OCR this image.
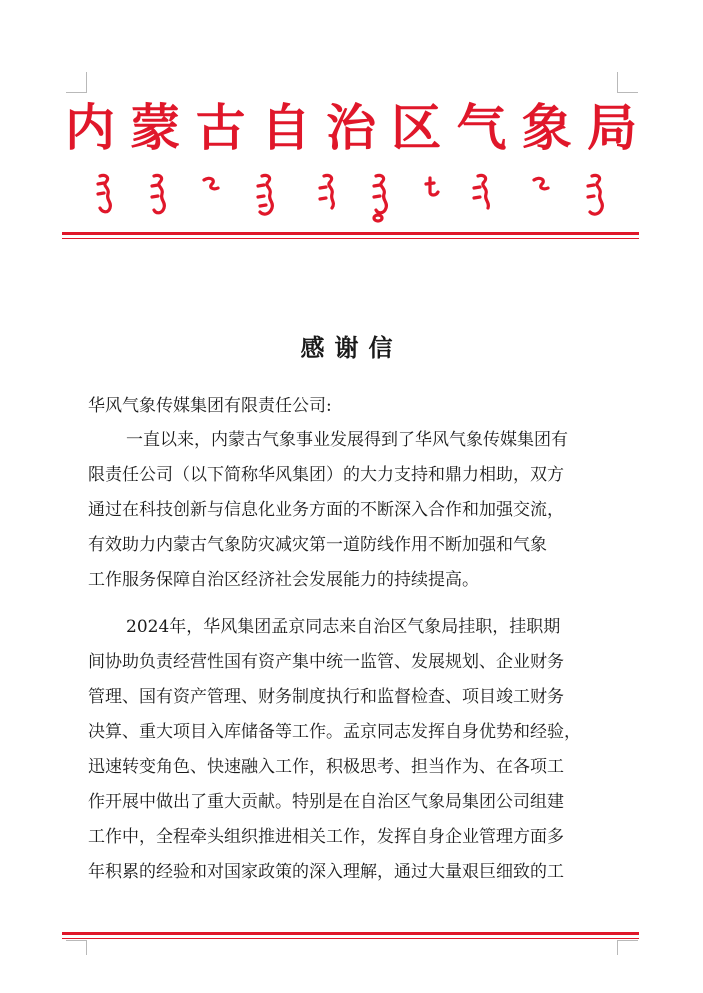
内 蒙 古 自 治 区 气 象 局
感谢信
华风气象传媒集团有限责任公司:
一直以来，内蒙古气象事业发展得到了华风气象传媒集团有
限责任公司（以下简称华风集团）的大力支持和鼎力相助，双方
通过在科技创新与信息化业务方面的不断深入合作和加强交流，
有效助力内蒙古气象防灾减灾第一道防线作用不断加强和气象
工作服务保障自治区经济社会发展能力的持续提高。
2024年，华风集团孟京同志来自治区气象局挂职，挂职期
间协助负责经营性国有资产集中统一监管、发展规划、企业财务
管理、国有资产管理、财务制度执行和监督检查、项目竣工财务
决算、重大项目入库储备等工作。孟京同志发挥自身优势和经验，
迅速转变角色、快速融入工作，积极思考、担当作为、在各项工
作开展中做出了重大贡献。特别是在自治区气象局集团公司组建
工作中，全程牵头组织推进相关工作，发挥自身企业管理方面多
年积累的经验和对国家政策的深入理解，通过大量艰巨细致的工
